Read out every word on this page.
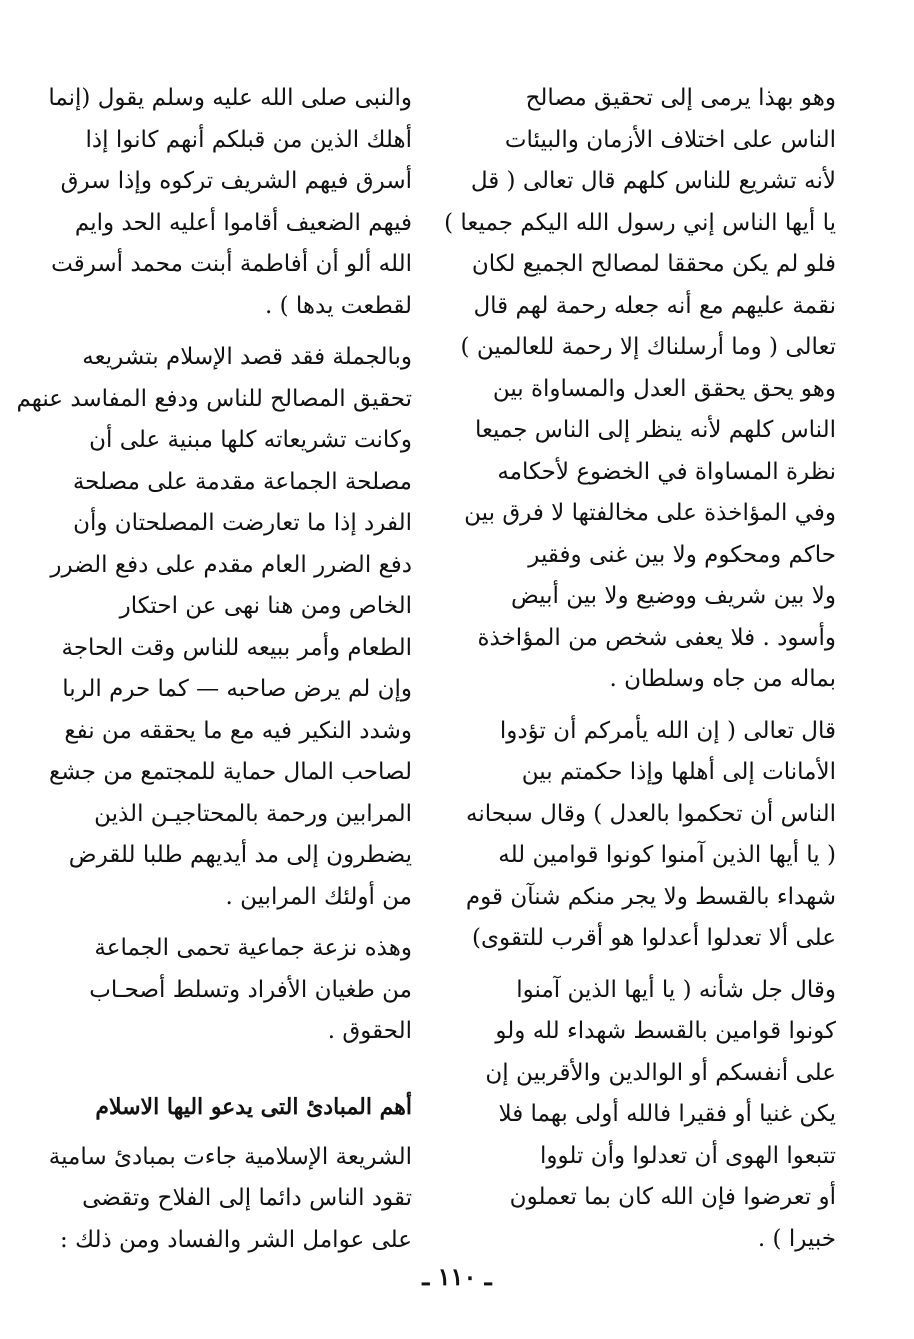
وهو بهذا يرمى إلى تحقيق مصالح
الناس على اختلاف الأزمان والبيئات
لأنه تشريع للناس كلهم قال تعالى ( قل
يا أيها الناس إني رسول الله اليكم جميعا )
فلو لم يكن محققا لمصالح الجميع لكان
نقمة عليهم مع أنه جعله رحمة لهم قال
تعالى ( وما أرسلناك إلا رحمة للعالمين )

وهو يحق يحقق العدل والمساواة بين
الناس كلهم لأنه ينظر إلى الناس جميعا
نظرة المساواة في الخضوع لأحكامه
وفي المؤاخذة على مخالفتها لا فرق بين
حاكم ومحكوم ولا بين غنى وفقير
ولا بين شريف ووضيع ولا بين أبيض
وأسود . فلا يعفى شخص من المؤاخذة
بماله من جاه وسلطان .

قال تعالى ( إن الله يأمركم أن تؤدوا
الأمانات إلى أهلها وإذا حكمتم بين
الناس أن تحكموا بالعدل ) وقال سبحانه
( يا أيها الذين آمنوا كونوا قوامين لله
شهداء بالقسط ولا يجر منكم شنآن قوم
على ألا تعدلوا أعدلوا هو أقرب للتقوى)

وقال جل شأنه ( يا أيها الذين آمنوا
كونوا قوامين بالقسط شهداء لله ولو
على أنفسكم أو الوالدين والأقربين إن
يكن غنيا أو فقيرا فالله أولى بهما فلا
تتبعوا الهوى أن تعدلوا وأن تلووا
أو تعرضوا فإن الله كان بما تعملون
خبيرا ) .

والنبى صلى الله عليه وسلم يقول (إنما
أهلك الذين من قبلكم أنهم كانوا إذا
أسرق فيهم الشريف تركوه وإذا سرق
فيهم الضعيف أقاموا أعليه الحد وايم
الله ألو أن أفاطمة أبنت محمد أسرقت
لقطعت يدها ) .

وبالجملة فقد قصد الإسلام بتشريعه
تحقيق المصالح للناس ودفع المفاسد عنهم
وكانت تشريعاته كلها مبنية على أن
مصلحة الجماعة مقدمة على مصلحة
الفرد إذا ما تعارضت المصلحتان وأن
دفع الضرر العام مقدم على دفع الضرر
الخاص ومن هنا نهى عن احتكار
الطعام وأمر ببيعه للناس وقت الحاجة
وإن لم يرض صاحبه — كما حرم الربا
وشدد النكير فيه مع ما يحققه من نفع
لصاحب المال حماية للمجتمع من جشع
المرابين ورحمة بالمحتاجيـن الذين
يضطرون إلى مد أيديهم طلبا للقرض
من أولئك المرابين .

وهذه نزعة جماعية تحمى الجماعة
من طغيان الأفراد وتسلط أصحـاب
الحقوق .

أهم المبادئ التى يدعو اليها الاسلام

الشريعة الإسلامية جاءت بمبادئ سامية
تقود الناس دائما إلى الفلاح وتقضى
على عوامل الشر والفساد ومن ذلك :

ـ ١١٠ ـ
